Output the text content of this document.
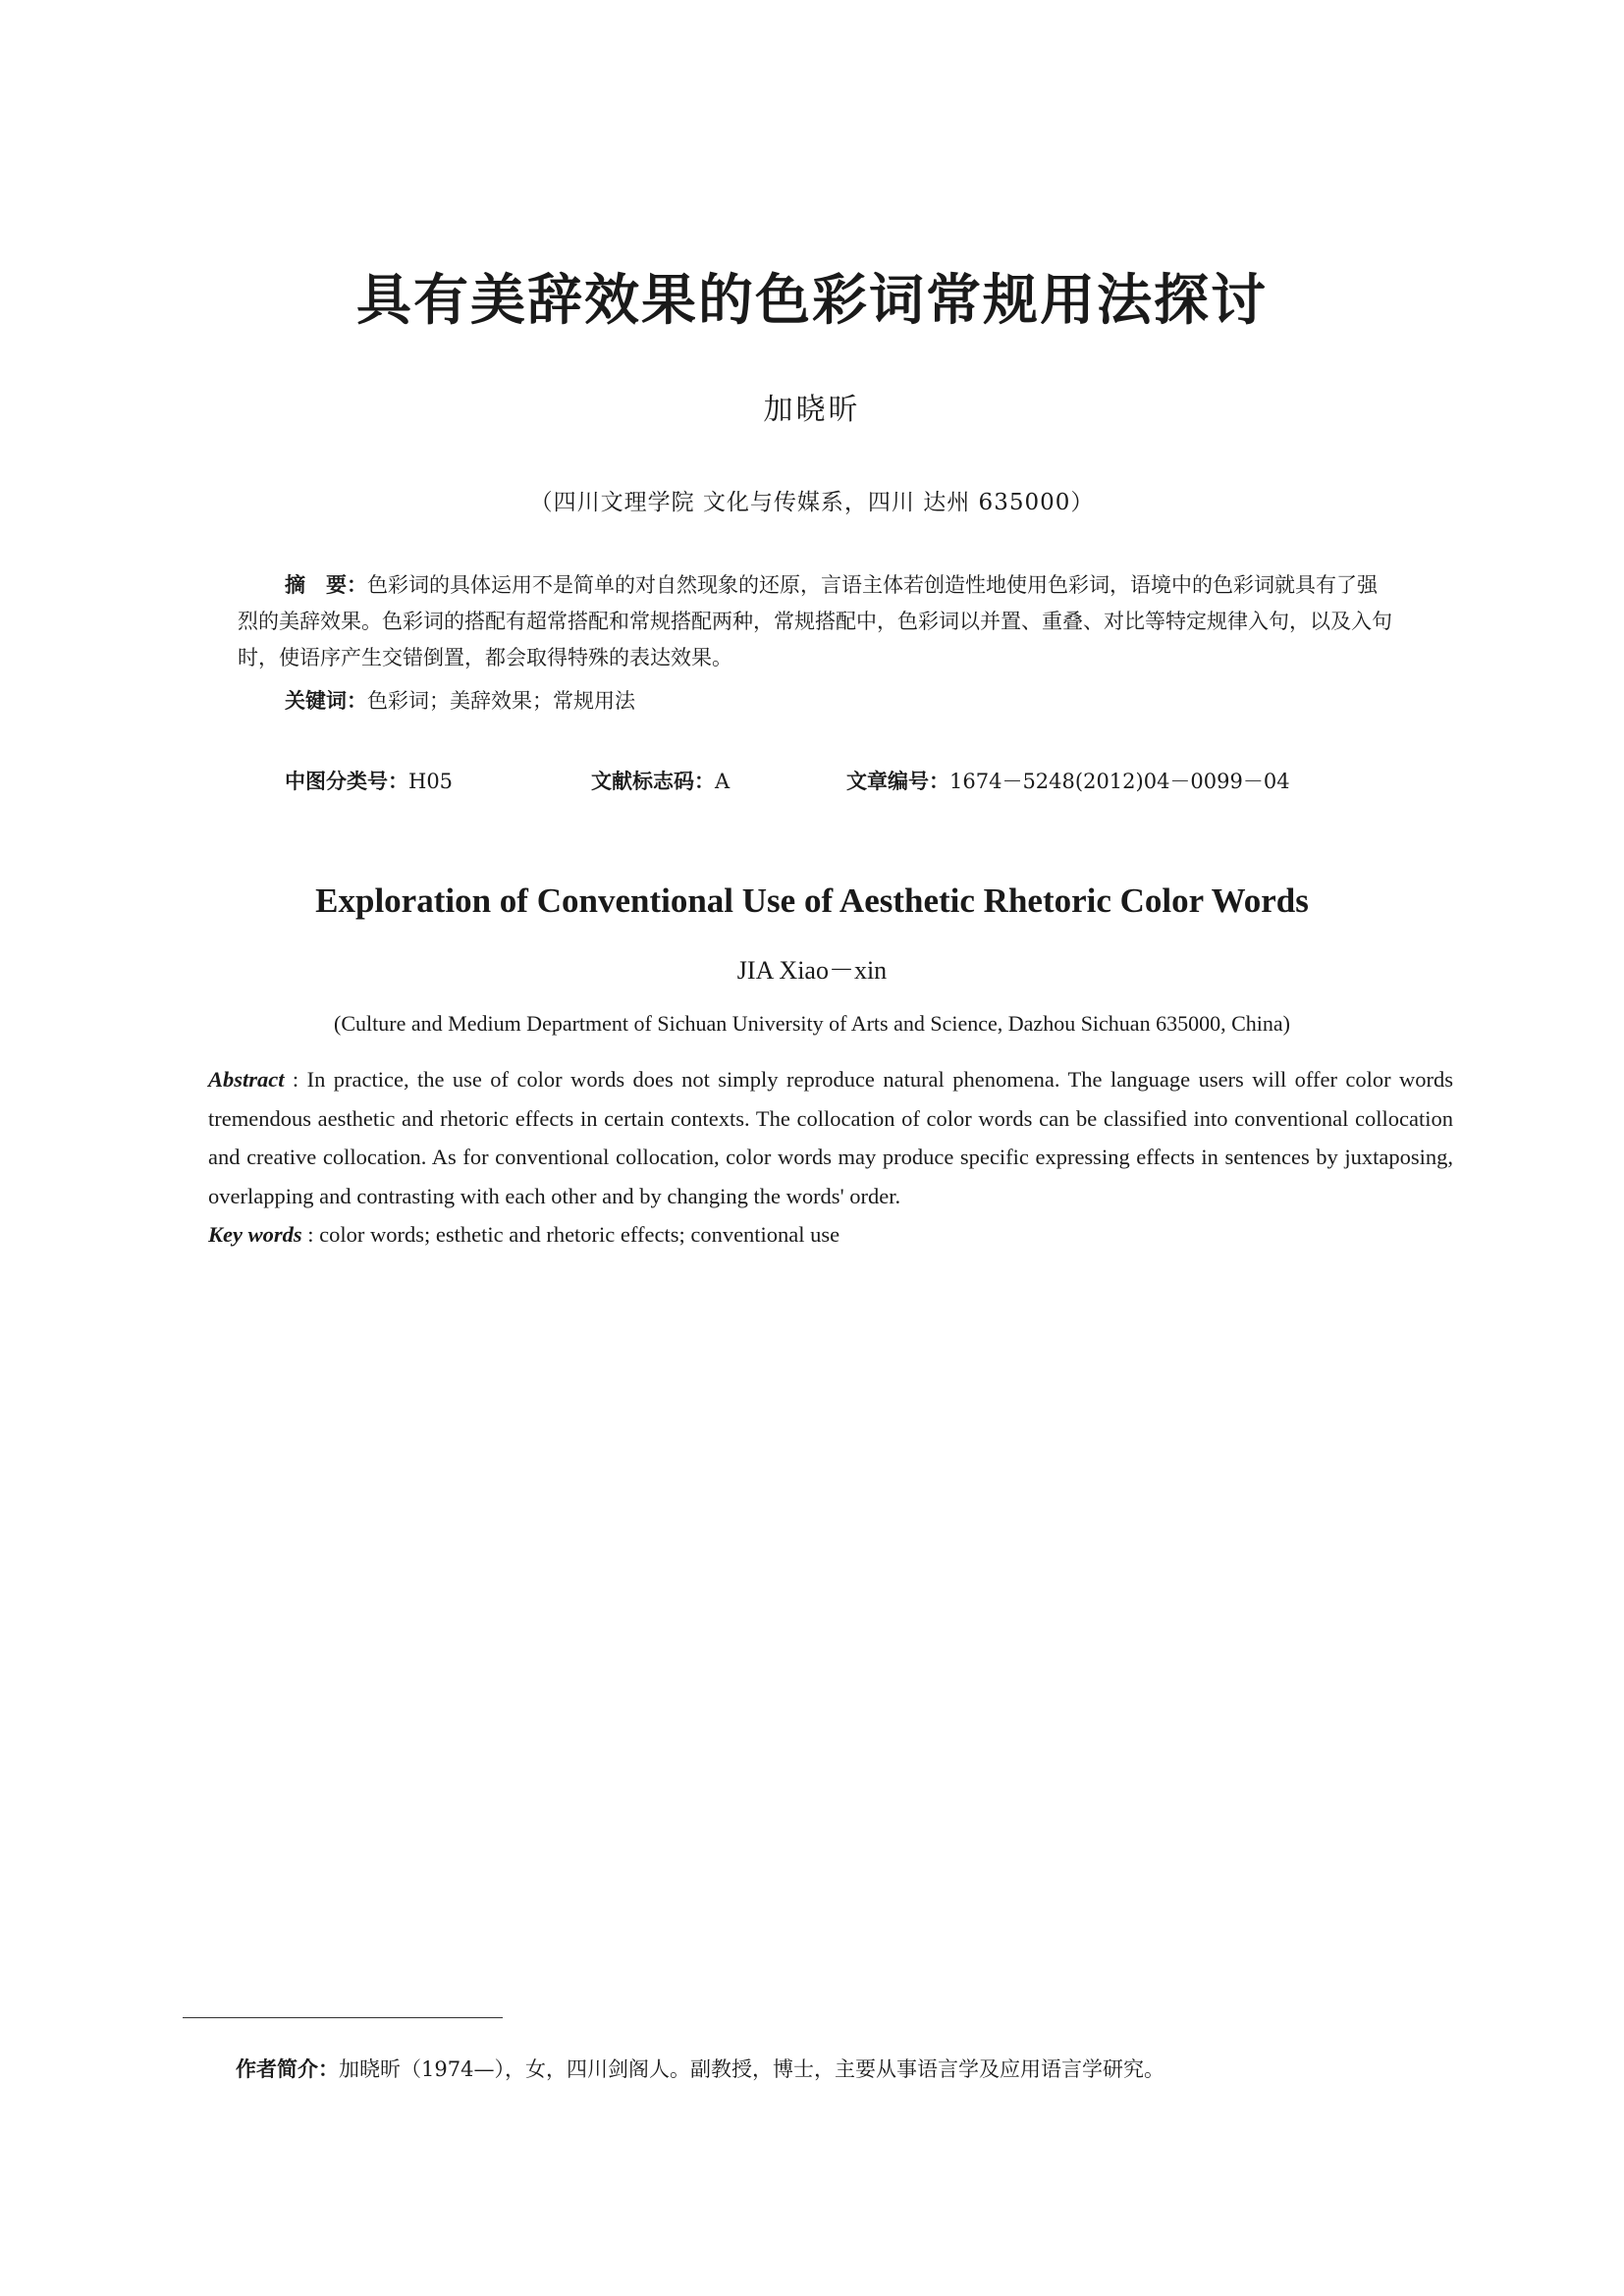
具有美辞效果的色彩词常规用法探讨
加晓昕
（四川文理学院 文化与传媒系，四川 达州 635000）

摘　要：色彩词的具体运用不是简单的对自然现象的还原，言语主体若创造性地使用色彩词，语境中的色彩词就具有了强烈的美辞效果。色彩词的搭配有超常搭配和常规搭配两种，常规搭配中，色彩词以并置、重叠、对比等特定规律入句，以及入句时，使语序产生交错倒置，都会取得特殊的表达效果。

关键词：色彩词；美辞效果；常规用法
中图分类号：H05	文献标志码：A	文章编号：1674－5248(2012)04－0099－04
Exploration of Conventional Use of Aesthetic Rhetoric Color Words
JIA Xiao－xin
(Culture and Medium Department of Sichuan University of Arts and Science, Dazhou Sichuan 635000, China)

Abstract : In practice, the use of color words does not simply reproduce natural phenomena. The language users will offer color words tremendous aesthetic and rhetoric effects in certain contexts. The collocation of color words can be classified into conventional collocation and creative collocation. As for conventional collocation, color words may produce specific expressing effects in sentences by juxtaposing, overlapping and contrasting with each other and by changing the words' order.

Key words : color words; esthetic and rhetoric effects; conventional use

作者简介：加晓昕（1974—），女，四川剑阁人。副教授，博士，主要从事语言学及应用语言学研究。
